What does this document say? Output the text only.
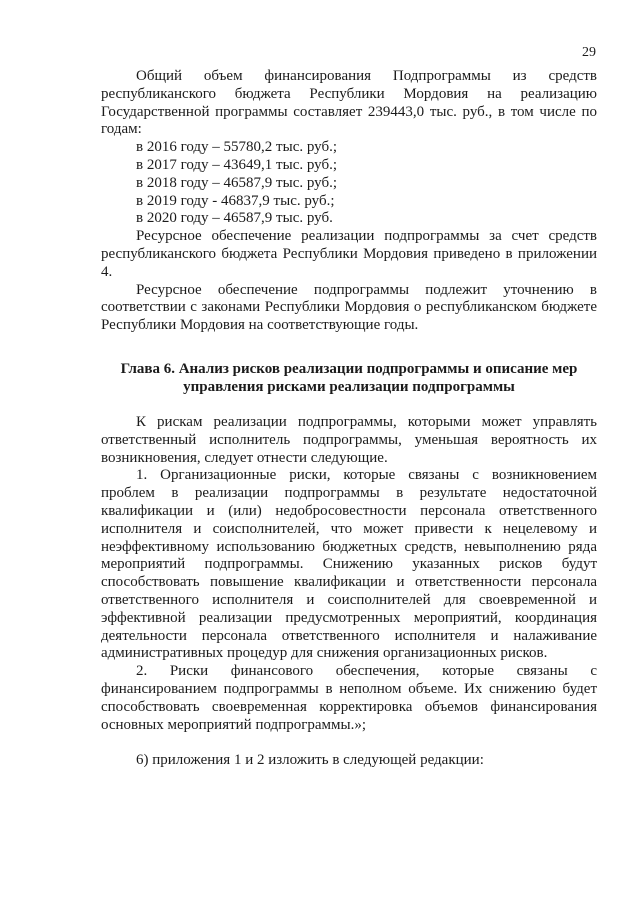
29

Общий объем финансирования Подпрограммы из средств республиканского бюджета Республики Мордовия на реализацию Государственной программы составляет 239443,0 тыс. руб., в том числе по годам:

в 2016 году – 55780,2 тыс. руб.;

в 2017 году – 43649,1 тыс. руб.;

в 2018 году – 46587,9 тыс. руб.;

в 2019 году - 46837,9 тыс. руб.;

в 2020 году – 46587,9 тыс. руб.

Ресурсное обеспечение реализации подпрограммы за счет средств республиканского бюджета Республики Мордовия приведено в приложении 4.

Ресурсное обеспечение подпрограммы подлежит уточнению в соответствии с законами Республики Мордовия о республиканском бюджете Республики Мордовия на соответствующие годы.

Глава 6. Анализ рисков реализации подпрограммы и описание мер управления рисками реализации подпрограммы

К рискам реализации подпрограммы, которыми может управлять ответственный исполнитель подпрограммы, уменьшая вероятность их возникновения, следует отнести следующие.

1. Организационные риски, которые связаны с возникновением проблем в реализации подпрограммы в результате недостаточной квалификации и (или) недобросовестности персонала ответственного исполнителя и соисполнителей, что может привести к нецелевому и неэффективному использованию бюджетных средств, невыполнению ряда мероприятий подпрограммы. Снижению указанных рисков будут способствовать повышение квалификации и ответственности персонала ответственного исполнителя и соисполнителей для своевременной и эффективной реализации предусмотренных мероприятий, координация деятельности персонала ответственного исполнителя и налаживание административных процедур для снижения организационных рисков.

2. Риски финансового обеспечения, которые связаны с финансированием подпрограммы в неполном объеме. Их снижению будет способствовать своевременная корректировка объемов финансирования основных мероприятий подпрограммы.»;

6) приложения 1 и 2 изложить в следующей редакции:
